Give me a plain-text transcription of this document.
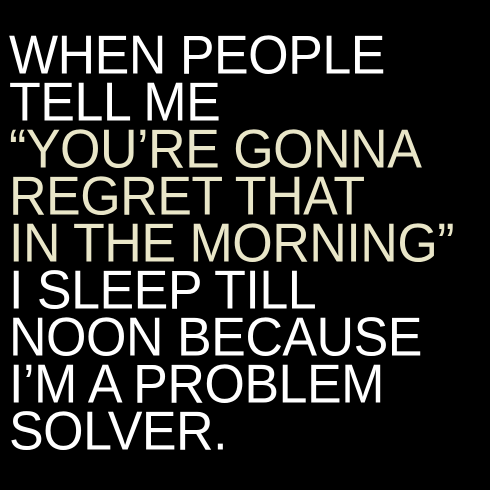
WHEN PEOPLE

TELL ME

“YOU’RE GONNA

REGRET THAT

IN THE MORNING”

I SLEEP TILL

NOON BECAUSE

I’M A PROBLEM

SOLVER.
